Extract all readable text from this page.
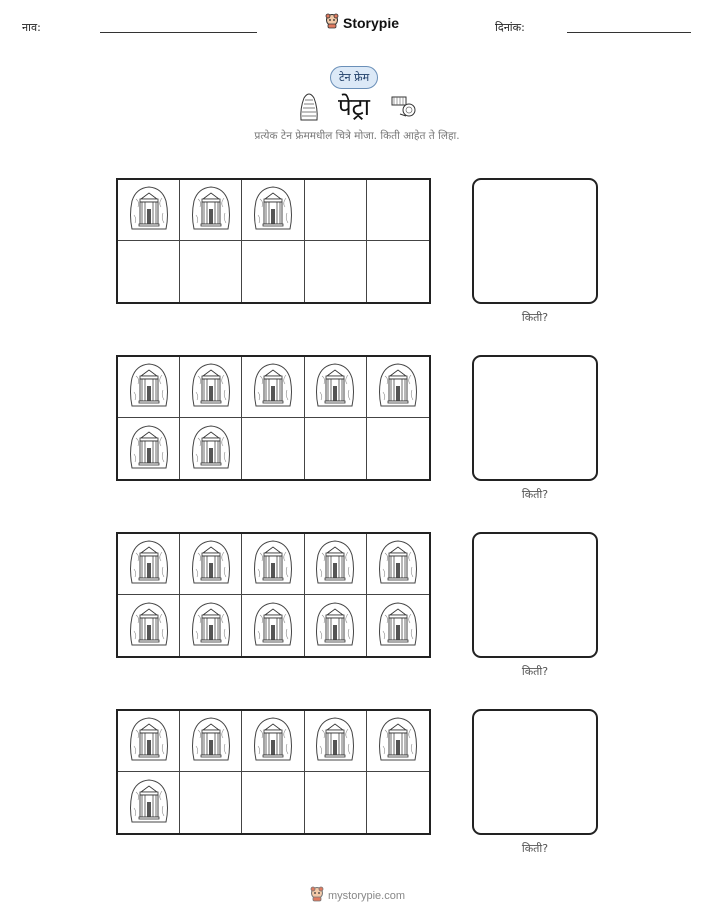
नाव:	Storypie	दिनांक:
टेन फ्रेम
पेट्रा
प्रत्येक टेन फ्रेममधील चित्रे मोजा. किती आहेत ते लिहा.
किती?
किती?
किती?
किती?
mystorypie.com
